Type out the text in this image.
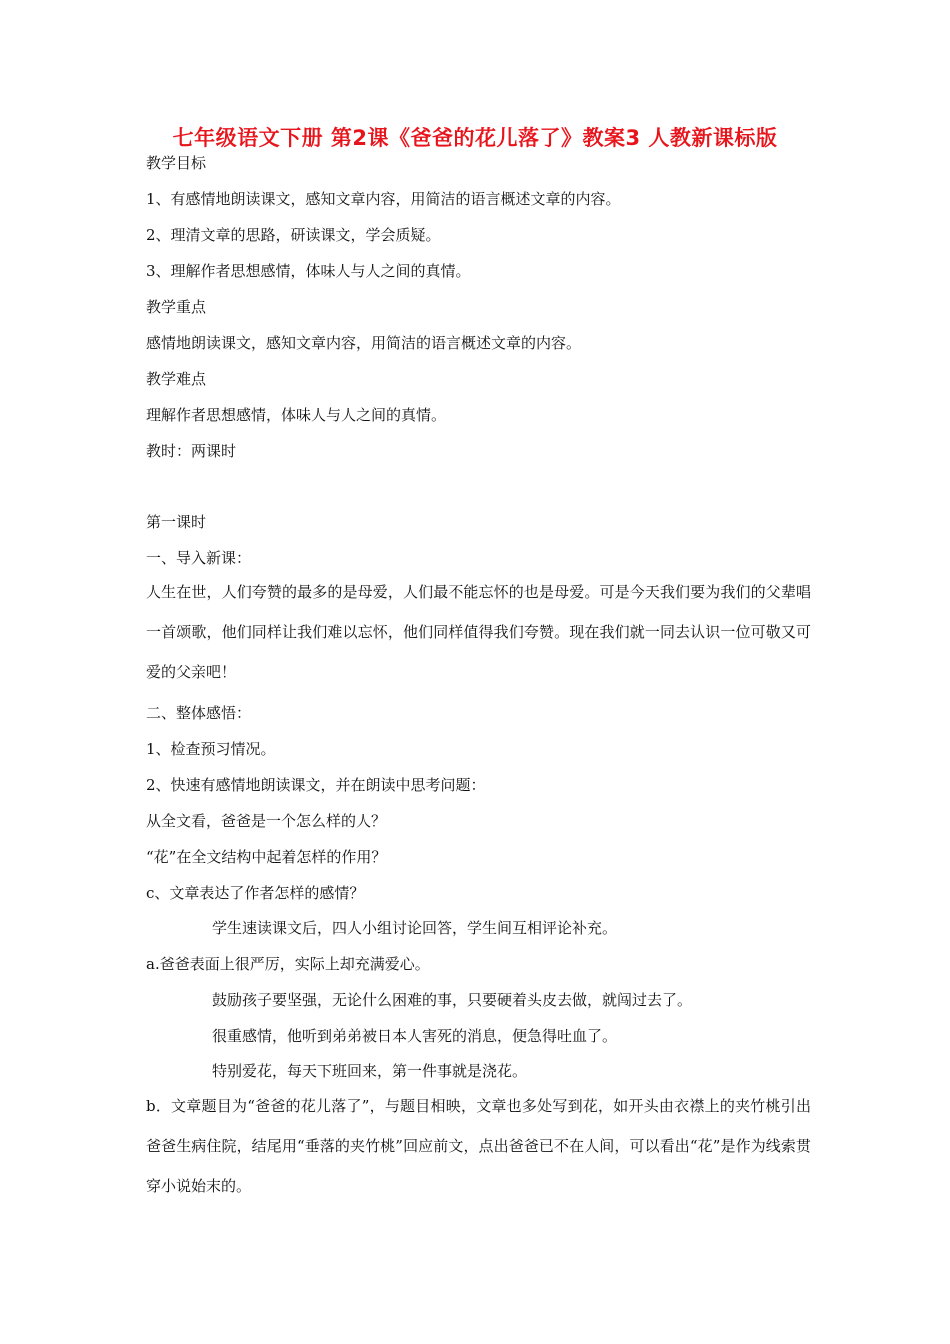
七年级语文下册 第2课《爸爸的花儿落了》教案3 人教新课标版
教学目标
1、有感情地朗读课文，感知文章内容，用简洁的语言概述文章的内容。
2、理清文章的思路，研读课文，学会质疑。
3、理解作者思想感情，体味人与人之间的真情。
教学重点
感情地朗读课文，感知文章内容，用简洁的语言概述文章的内容。
教学难点
理解作者思想感情，体味人与人之间的真情。
教时：两课时
第一课时
一、导入新课：
人生在世，人们夸赞的最多的是母爱，人们最不能忘怀的也是母爱。可是今天我们要为我们的父辈唱一首颂歌，他们同样让我们难以忘怀，他们同样值得我们夸赞。现在我们就一同去认识一位可敬又可爱的父亲吧！
二、整体感悟：
1、检查预习情况。
2、快速有感情地朗读课文，并在朗读中思考问题：
从全文看，爸爸是一个怎么样的人？
“花”在全文结构中起着怎样的作用？
c、文章表达了作者怎样的感情？
学生速读课文后，四人小组讨论回答，学生间互相评论补充。
a.爸爸表面上很严厉，实际上却充满爱心。
鼓励孩子要坚强，无论什么困难的事，只要硬着头皮去做，就闯过去了。
很重感情，他听到弟弟被日本人害死的消息，便急得吐血了。
特别爱花，每天下班回来，第一件事就是浇花。
b．文章题目为“爸爸的花儿落了”，与题目相映，文章也多处写到花，如开头由衣襟上的夹竹桃引出爸爸生病住院，结尾用“垂落的夹竹桃”回应前文，点出爸爸已不在人间，可以看出“花”是作为线索贯穿小说始末的。
